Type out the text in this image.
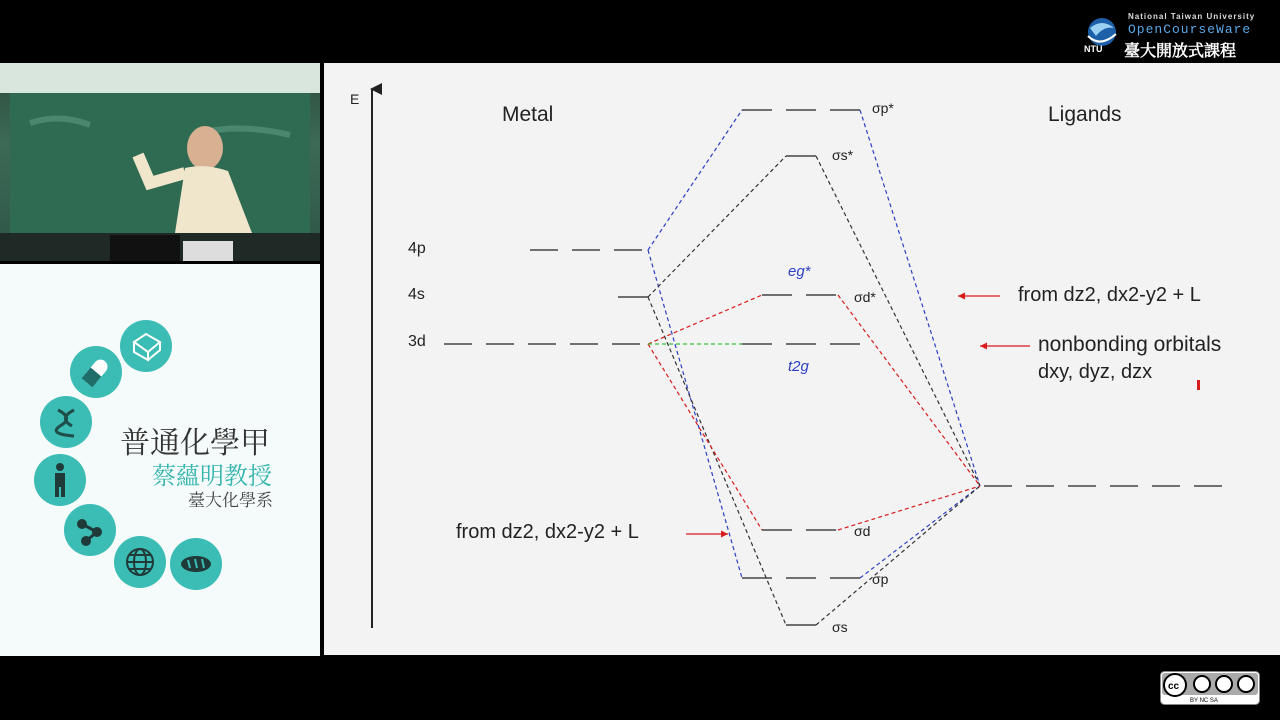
NTU
National Taiwan University
OpenCourseWare
臺大開放式課程
普通化學甲
蔡蘊明教授
臺大化學系
E
Metal	Ligands
4p
4s
3d
σp*
σs*
eg*
σd*
t2g
σd
σp
σs
from dz2, dx2-y2 + L
nonbonding orbitals
dxy, dyz, dzx
from dz2, dx2-y2 + L
cc
BY NC SA
